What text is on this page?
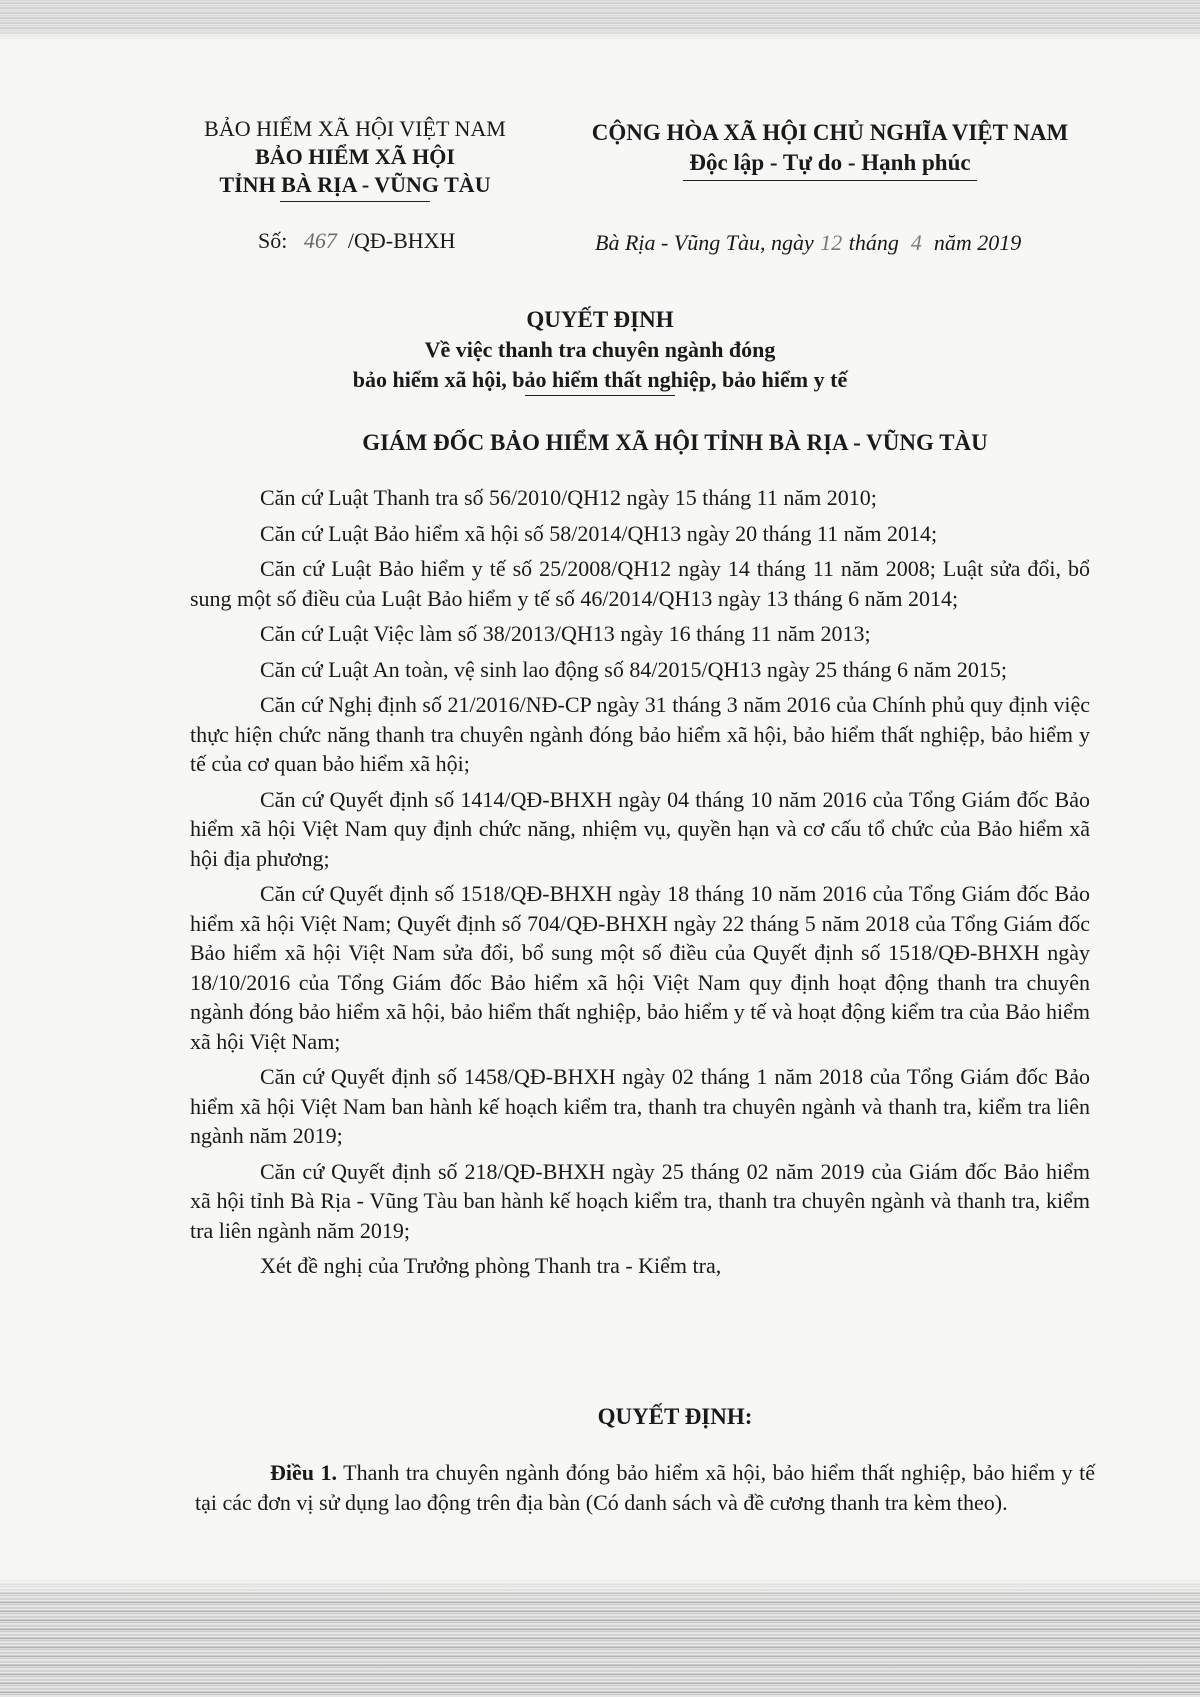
BẢO HIỂM XÃ HỘI VIỆT NAM
BẢO HIỂM XÃ HỘI
TỈNH BÀ RỊA - VŨNG TÀU
CỘNG HÒA XÃ HỘI CHỦ NGHĨA VIỆT NAM
Độc lập - Tự do - Hạnh phúc
Số: 467 /QĐ-BHXH	Bà Rịa - Vũng Tàu, ngày 12 tháng 4 năm 2019
QUYẾT ĐỊNH
Về việc thanh tra chuyên ngành đóng
bảo hiểm xã hội, bảo hiểm thất nghiệp, bảo hiểm y tế
GIÁM ĐỐC BẢO HIỂM XÃ HỘI TỈNH BÀ RỊA - VŨNG TÀU

Căn cứ Luật Thanh tra số 56/2010/QH12 ngày 15 tháng 11 năm 2010;

Căn cứ Luật Bảo hiểm xã hội số 58/2014/QH13 ngày 20 tháng 11 năm 2014;

Căn cứ Luật Bảo hiểm y tế số 25/2008/QH12 ngày 14 tháng 11 năm 2008; Luật sửa đổi, bổ sung một số điều của Luật Bảo hiểm y tế số 46/2014/QH13 ngày 13 tháng 6 năm 2014;

Căn cứ Luật Việc làm số 38/2013/QH13 ngày 16 tháng 11 năm 2013;

Căn cứ Luật An toàn, vệ sinh lao động số 84/2015/QH13 ngày 25 tháng 6 năm 2015;

Căn cứ Nghị định số 21/2016/NĐ-CP ngày 31 tháng 3 năm 2016 của Chính phủ quy định việc thực hiện chức năng thanh tra chuyên ngành đóng bảo hiểm xã hội, bảo hiểm thất nghiệp, bảo hiểm y tế của cơ quan bảo hiểm xã hội;

Căn cứ Quyết định số 1414/QĐ-BHXH ngày 04 tháng 10 năm 2016 của Tổng Giám đốc Bảo hiểm xã hội Việt Nam quy định chức năng, nhiệm vụ, quyền hạn và cơ cấu tổ chức của Bảo hiểm xã hội địa phương;

Căn cứ Quyết định số 1518/QĐ-BHXH ngày 18 tháng 10 năm 2016 của Tổng Giám đốc Bảo hiểm xã hội Việt Nam; Quyết định số 704/QĐ-BHXH ngày 22 tháng 5 năm 2018 của Tổng Giám đốc Bảo hiểm xã hội Việt Nam sửa đổi, bổ sung một số điều của Quyết định số 1518/QĐ-BHXH ngày 18/10/2016 của Tổng Giám đốc Bảo hiểm xã hội Việt Nam quy định hoạt động thanh tra chuyên ngành đóng bảo hiểm xã hội, bảo hiểm thất nghiệp, bảo hiểm y tế và hoạt động kiểm tra của Bảo hiểm xã hội Việt Nam;

Căn cứ Quyết định số 1458/QĐ-BHXH ngày 02 tháng 1 năm 2018 của Tổng Giám đốc Bảo hiểm xã hội Việt Nam ban hành kế hoạch kiểm tra, thanh tra chuyên ngành và thanh tra, kiểm tra liên ngành năm 2019;

Căn cứ Quyết định số 218/QĐ-BHXH ngày 25 tháng 02 năm 2019 của Giám đốc Bảo hiểm xã hội tỉnh Bà Rịa - Vũng Tàu ban hành kế hoạch kiểm tra, thanh tra chuyên ngành và thanh tra, kiểm tra liên ngành năm 2019;

Xét đề nghị của Trưởng phòng Thanh tra - Kiểm tra,

QUYẾT ĐỊNH:

Điều 1. Thanh tra chuyên ngành đóng bảo hiểm xã hội, bảo hiểm thất nghiệp, bảo hiểm y tế tại các đơn vị sử dụng lao động trên địa bàn (Có danh sách và đề cương thanh tra kèm theo).
